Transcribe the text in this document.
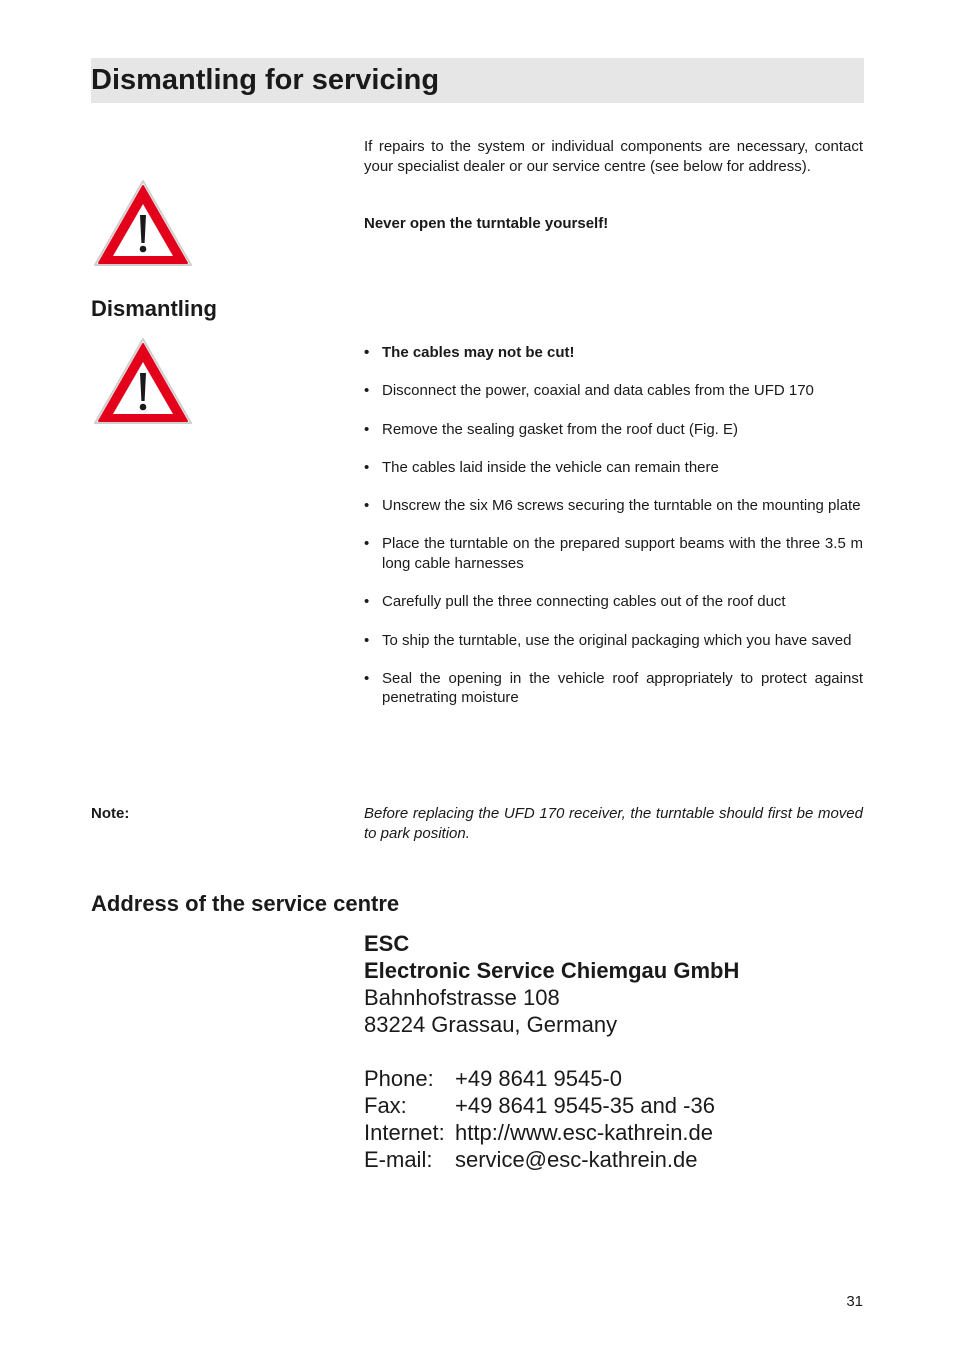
Dismantling for servicing
If repairs to the system or individual components are necessary, contact your specialist dealer or our service centre (see below for address).
Never open the turntable yourself!
Dismantling
• The cables may not be cut!
• Disconnect the power, coaxial and data cables from the UFD 170
• Remove the sealing gasket from the roof duct (Fig. E)
• The cables laid inside the vehicle can remain there
• Unscrew the six M6 screws securing the turntable on the mounting plate
• Place the turntable on the prepared support beams with the three 3.5 m long cable harnesses
• Carefully pull the three connecting cables out of the roof duct
• To ship the turntable, use the original packaging which you have saved
• Seal the opening in the vehicle roof appropriately to protect against penetrating moisture
Note:	Before replacing the UFD 170 receiver, the turntable should first be moved to park position.
Address of the service centre
ESC
Electronic Service Chiemgau GmbH
Bahnhofstrasse 108
83224 Grassau, Germany
Phone: +49 8641 9545-0
Fax:	+49 8641 9545-35 and -36
Internet: http://www.esc-kathrein.de
E-mail:	service@esc-kathrein.de
31
